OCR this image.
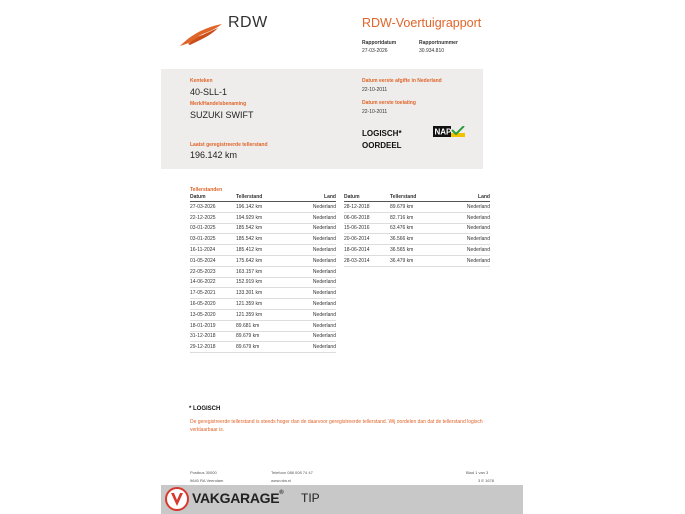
RDW	RDW-Voertuigrapport
Rapportdatum
27-03-2026
Rapportnummer
30.934.810
Kenteken
40-SLL-1
Merk/Handelsbenaming
SUZUKI SWIFT
Laatst geregistreerde tellerstand
196.142 km
Datum eerste afgifte in Nederland
22-10-2011
Datum eerste toelating
22-10-2011
LOGISCH*
OORDEEL
NAP
Tellerstanden
Datum	Tellerstand	Land
27-03-2026	196.142 km	Nederland
22-12-2025	194.929 km	Nederland
03-01-2025	185.542 km	Nederland
03-01-2025	185.542 km	Nederland
16-11-2024	185.412 km	Nederland
01-05-2024	175.642 km	Nederland
22-05-2023	163.157 km	Nederland
14-06-2022	152.919 km	Nederland
17-05-2021	133.301 km	Nederland
16-05-2020	121.359 km	Nederland
13-05-2020	121.359 km	Nederland
18-01-2019	89.681 km	Nederland
31-12-2018	89.679 km	Nederland
29-12-2018	89.679 km	Nederland
Datum	Tellerstand	Land
28-12-2018	89.679 km	Nederland
06-06-2018	82.716 km	Nederland
15-06-2016	63.476 km	Nederland
20-06-2014	36.566 km	Nederland
18-06-2014	36.565 km	Nederland
28-03-2014	36.479 km	Nederland
* LOGISCH
De geregistreerde tellerstand is steeds hoger dan de daarvoor geregistreerde tellerstand. Wij oordelen dan dat de tellerstand logisch verklaarbaar is.
Postbus 30000
9640 RA Veendam
Telefoon 088 008 74 47
www.rdw.nl
Blad 1 van 3
3 E 1678
VAKGARAGE® TIP
